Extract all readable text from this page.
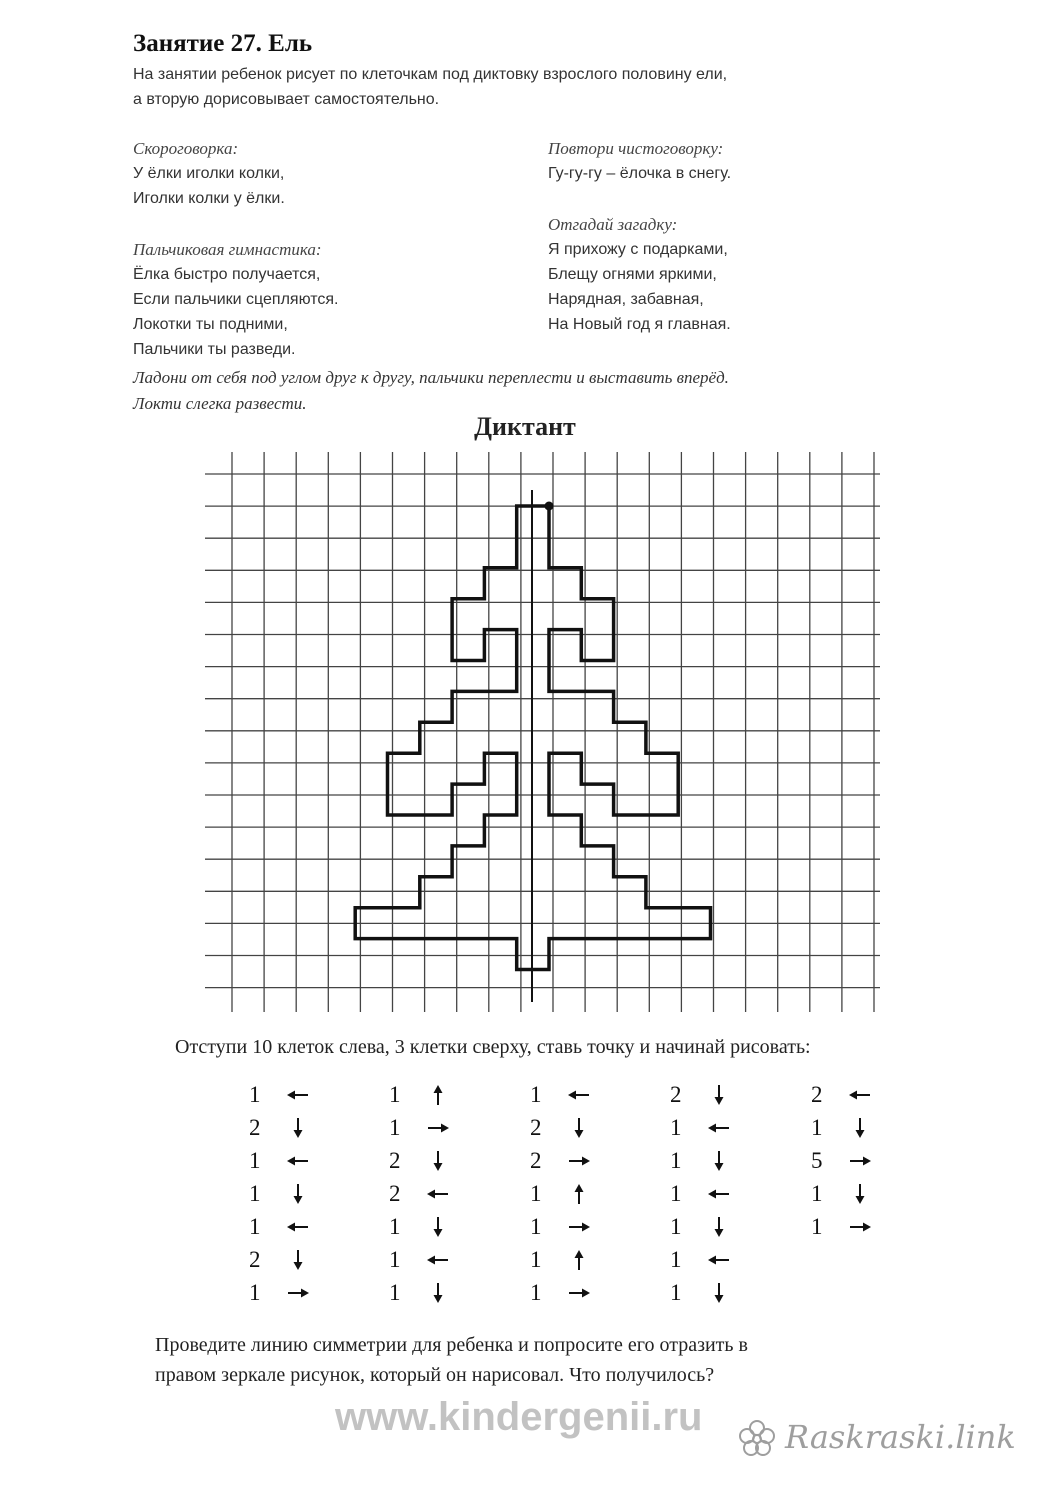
Занятие 27. Ель
На занятии ребенок рисует по клеточкам под диктовку взрослого половину ели,
а вторую дорисовывает самостоятельно.
Скороговорка:
У ёлки иголки колки,
Иголки колки у ёлки.
Пальчиковая гимнастика:
Ёлка быстро получается,
Если пальчики сцепляются.
Локотки ты подними,
Пальчики ты разведи.
Повтори чистоговорку:
Гу-гу-гу – ёлочка в снегу.
Отгадай загадку:
Я прихожу с подарками,
Блещу огнями яркими,
Нарядная, забавная,
На Новый год я главная.
Ладони от себя под углом друг к другу, пальчики переплести и выставить вперёд.
Локти слегка развести.
Диктант
Отступи 10 клеток слева, 3 клетки сверху, ставь точку и начинай рисовать:
1
2
1
1
1
2
1
1
1
2
2
1
1
1
1
2
2
1
1
1
1
2
1
1
1
1
1
1
2
1
5
1
1
Проведите линию симметрии для ребенка и попросите его отразить в
правом зеркале рисунок, который он нарисовал. Что получилось?
www.kindergenii.ru	Raskraski.link
